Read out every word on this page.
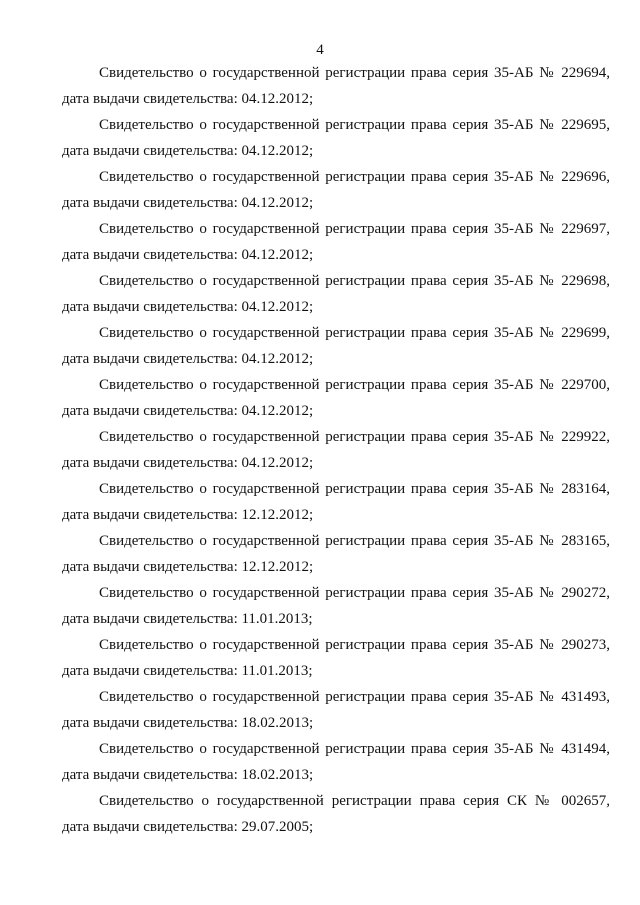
4
Свидетельство о государственной регистрации права серия 35-АБ № 229694,
дата выдачи свидетельства: 04.12.2012;
Свидетельство о государственной регистрации права серия 35-АБ № 229695,
дата выдачи свидетельства: 04.12.2012;
Свидетельство о государственной регистрации права серия 35-АБ № 229696,
дата выдачи свидетельства: 04.12.2012;
Свидетельство о государственной регистрации права серия 35-АБ № 229697,
дата выдачи свидетельства: 04.12.2012;
Свидетельство о государственной регистрации права серия 35-АБ № 229698,
дата выдачи свидетельства: 04.12.2012;
Свидетельство о государственной регистрации права серия 35-АБ № 229699,
дата выдачи свидетельства: 04.12.2012;
Свидетельство о государственной регистрации права серия 35-АБ № 229700,
дата выдачи свидетельства: 04.12.2012;
Свидетельство о государственной регистрации права серия 35-АБ № 229922,
дата выдачи свидетельства: 04.12.2012;
Свидетельство о государственной регистрации права серия 35-АБ № 283164,
дата выдачи свидетельства: 12.12.2012;
Свидетельство о государственной регистрации права серия 35-АБ № 283165,
дата выдачи свидетельства: 12.12.2012;
Свидетельство о государственной регистрации права серия 35-АБ № 290272,
дата выдачи свидетельства: 11.01.2013;
Свидетельство о государственной регистрации права серия 35-АБ № 290273,
дата выдачи свидетельства: 11.01.2013;
Свидетельство о государственной регистрации права серия 35-АБ № 431493,
дата выдачи свидетельства: 18.02.2013;
Свидетельство о государственной регистрации права серия 35-АБ № 431494,
дата выдачи свидетельства: 18.02.2013;
Свидетельство о государственной регистрации права серия СК № 002657,
дата выдачи свидетельства: 29.07.2005;
